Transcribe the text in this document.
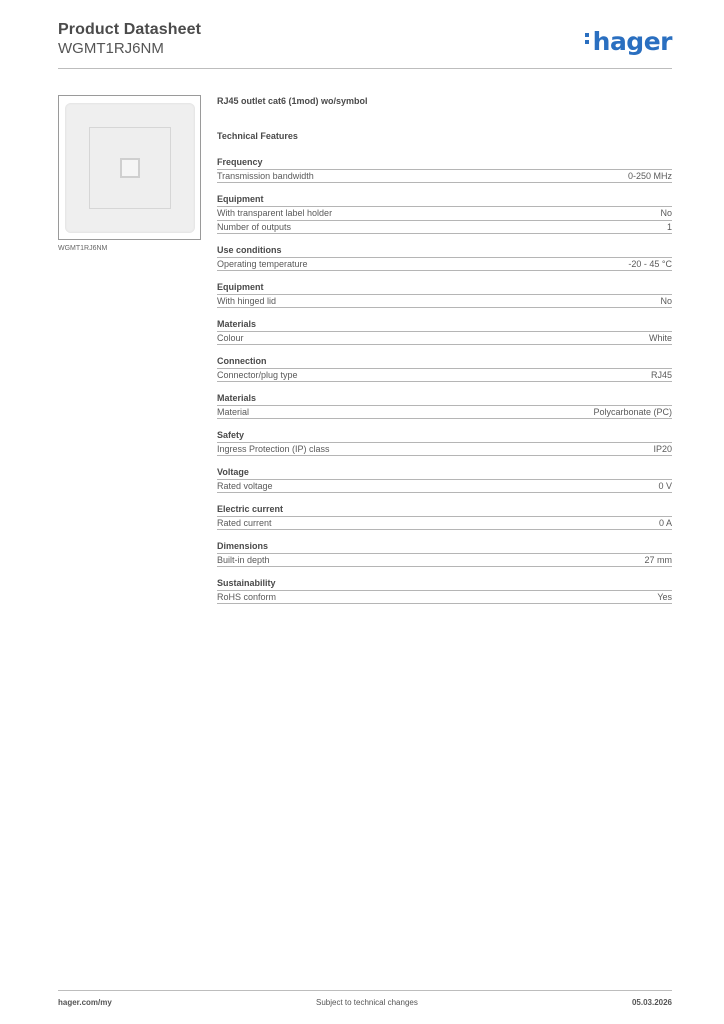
Product Datasheet
WGMT1RJ6NM	hager
WGMT1RJ6NM
RJ45 outlet cat6 (1mod) wo/symbol
Technical Features
Frequency
Transmission bandwidth	0-250 MHz
Equipment
With transparent label holder	No
Number of outputs	1
Use conditions
Operating temperature	-20 - 45 °C
Equipment
With hinged lid	No
Materials
Colour	White
Connection
Connector/plug type	RJ45
Materials
Material	Polycarbonate (PC)
Safety
Ingress Protection (IP) class	IP20
Voltage
Rated voltage	0 V
Electric current
Rated current	0 A
Dimensions
Built-in depth	27 mm
Sustainability
RoHS conform	Yes
hager.com/my	Subject to technical changes	05.03.2026
